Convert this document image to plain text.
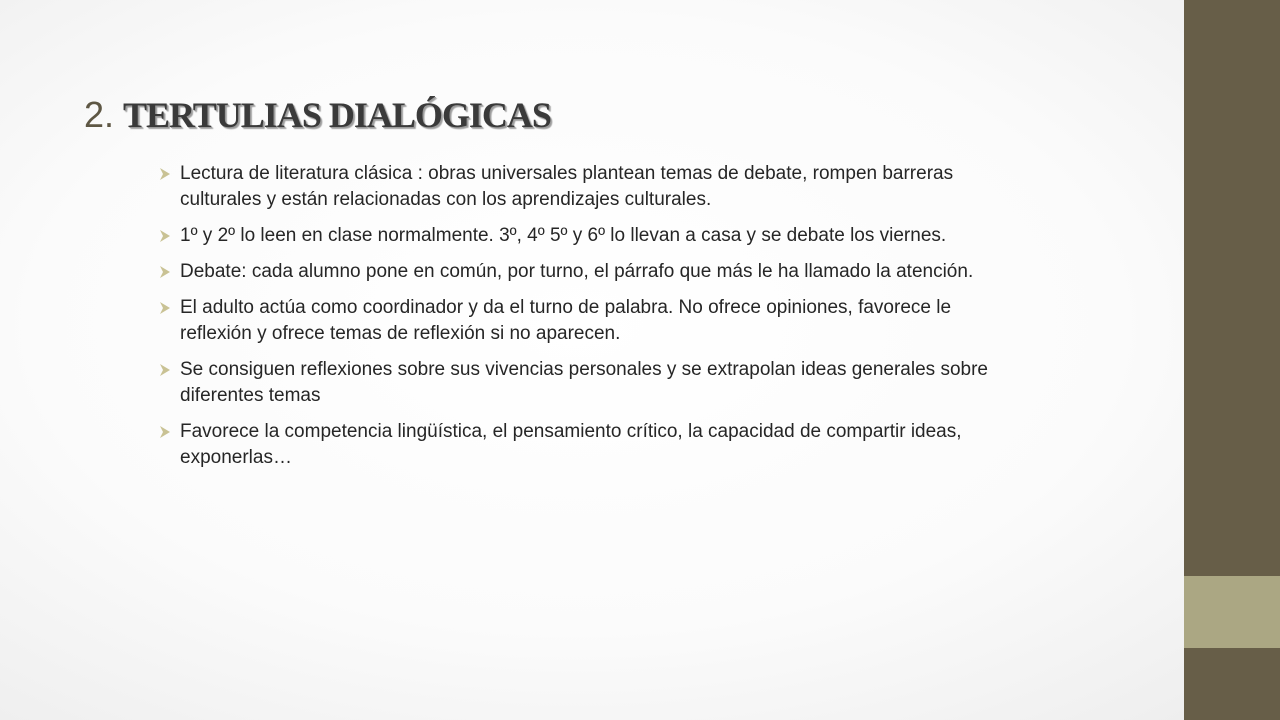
2. TERTULIAS DIALÓGICAS
Lectura de literatura clásica : obras universales plantean temas de debate, rompen barreras culturales y están relacionadas con los aprendizajes culturales.
1º y 2º lo leen en clase normalmente. 3º, 4º 5º y 6º lo llevan a casa y se debate los viernes.
Debate: cada alumno pone en común, por turno, el párrafo que más le ha llamado la atención.
El adulto actúa como coordinador y da el turno de palabra. No ofrece opiniones, favorece le reflexión y ofrece temas de reflexión si no aparecen.
Se consiguen reflexiones sobre sus vivencias personales y se extrapolan ideas generales sobre diferentes temas
Favorece la competencia lingüística, el pensamiento crítico, la capacidad de compartir ideas, exponerlas…
